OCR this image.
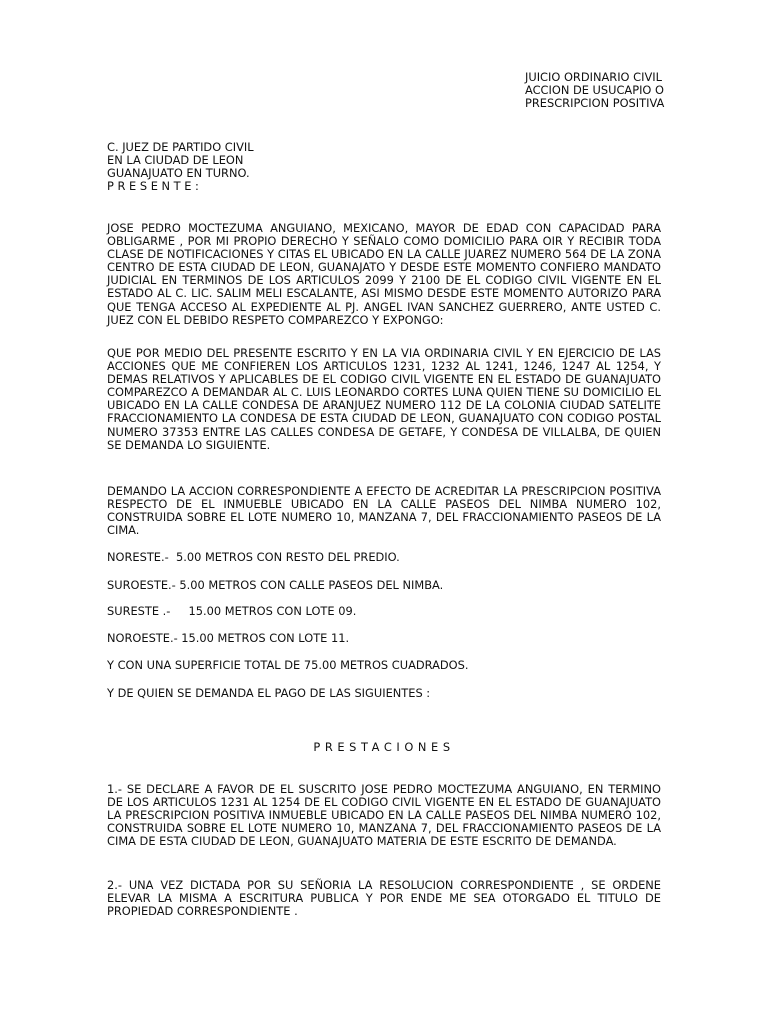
JUICIO ORDINARIO CIVIL
ACCION DE USUCAPIO O
PRESCRIPCION POSITIVA
C. JUEZ DE PARTIDO CIVIL
EN LA CIUDAD DE LEON
GUANAJUATO EN TURNO.
P R E S E N T E :

JOSE PEDRO MOCTEZUMA ANGUIANO, MEXICANO, MAYOR DE EDAD CON CAPACIDAD PARA OBLIGARME , POR MI PROPIO DERECHO Y SEÑALO COMO DOMICILIO PARA OIR Y RECIBIR TODA CLASE DE NOTIFICACIONES Y CITAS EL UBICADO EN LA CALLE JUAREZ NUMERO 564 DE LA ZONA CENTRO DE ESTA CIUDAD DE LEON, GUANAJATO Y DESDE ESTE MOMENTO CONFIERO MANDATO JUDICIAL EN TERMINOS DE LOS ARTICULOS 2099 Y 2100 DE EL CODIGO CIVIL VIGENTE EN EL ESTADO AL C. LIC. SALIM MELI ESCALANTE, ASI MISMO DESDE ESTE MOMENTO AUTORIZO PARA QUE TENGA ACCESO AL EXPEDIENTE AL PJ. ANGEL IVAN SANCHEZ GUERRERO, ANTE USTED C. JUEZ CON EL DEBIDO RESPETO COMPAREZCO Y EXPONGO:

QUE POR MEDIO DEL PRESENTE ESCRITO Y EN LA VIA ORDINARIA CIVIL Y EN EJERCICIO DE LAS ACCIONES QUE ME CONFIEREN LOS ARTICULOS 1231, 1232 AL 1241, 1246, 1247 AL 1254, Y DEMAS RELATIVOS Y APLICABLES DE EL CODIGO CIVIL VIGENTE EN EL ESTADO DE GUANAJUATO COMPAREZCO A DEMANDAR AL C. LUIS LEONARDO CORTES LUNA QUIEN TIENE SU DOMICILIO EL UBICADO EN LA CALLE CONDESA DE ARANJUEZ NUMERO 112 DE LA COLONIA CIUDAD SATELITE FRACCIONAMIENTO LA CONDESA DE ESTA CIUDAD DE LEON, GUANAJUATO CON CODIGO POSTAL NUMERO 37353 ENTRE LAS CALLES CONDESA DE GETAFE, Y CONDESA DE VILLALBA, DE QUIEN SE DEMANDA LO SIGUIENTE.

DEMANDO LA ACCION CORRESPONDIENTE A EFECTO DE ACREDITAR LA PRESCRIPCION POSITIVA RESPECTO DE EL INMUEBLE UBICADO EN LA CALLE PASEOS DEL NIMBA NUMERO 102, CONSTRUIDA SOBRE EL LOTE NUMERO 10, MANZANA 7, DEL FRACCIONAMIENTO PASEOS DE LA CIMA.

NORESTE.-  5.00 METROS CON RESTO DEL PREDIO.
SUROESTE.- 5.00 METROS CON CALLE PASEOS DEL NIMBA.
SURESTE .-     15.00 METROS CON LOTE 09.
NOROESTE.- 15.00 METROS CON LOTE 11.
Y CON UNA SUPERFICIE TOTAL DE 75.00 METROS CUADRADOS.
Y DE QUIEN SE DEMANDA EL PAGO DE LAS SIGUIENTES :
PRESTACIONES

1.- SE DECLARE A FAVOR DE EL SUSCRITO JOSE PEDRO MOCTEZUMA ANGUIANO, EN TERMINO DE LOS ARTICULOS 1231 AL 1254 DE EL CODIGO CIVIL VIGENTE EN EL ESTADO DE GUANAJUATO LA PRESCRIPCION POSITIVA INMUEBLE UBICADO EN LA CALLE PASEOS DEL NIMBA NUMERO 102, CONSTRUIDA SOBRE EL LOTE NUMERO 10, MANZANA 7, DEL FRACCIONAMIENTO PASEOS DE LA CIMA DE ESTA CIUDAD DE LEON, GUANAJUATO MATERIA DE ESTE ESCRITO DE DEMANDA.

2.- UNA VEZ DICTADA POR SU SEÑORIA LA RESOLUCION CORRESPONDIENTE , SE ORDENE ELEVAR LA MISMA A ESCRITURA PUBLICA Y POR ENDE ME SEA OTORGADO EL TITULO DE PROPIEDAD CORRESPONDIENTE .
